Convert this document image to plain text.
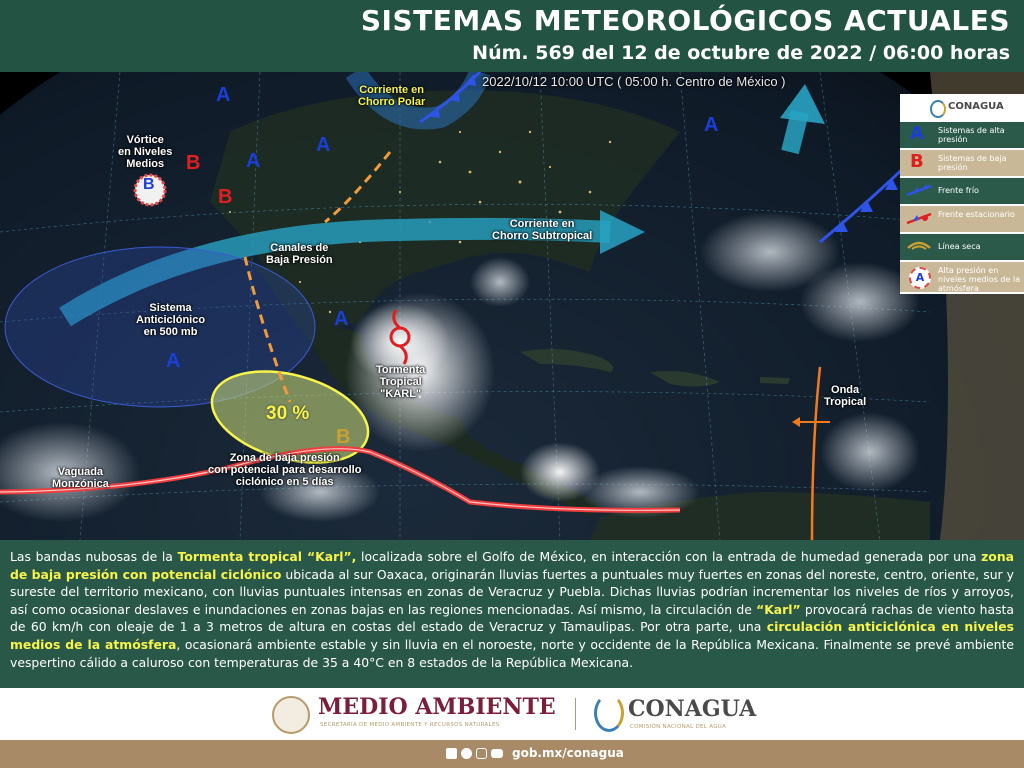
SISTEMAS METEOROLÓGICOS ACTUALES
Núm. 569 del 12 de octubre de 2022 / 06:00 horas
2022/10/12 10:00 UTC ( 05:00 h. Centro de México )
A
A
A
A
A
A
B
B
B
B
Corriente en
Chorro Polar
Vórtice
en Niveles
Medios
Corriente en
Chorro Subtropical
Canales de
Baja Presión
Sistema
Anticiclónico
en 500 mb
Tormenta
Tropical
"KARL"
Vaguada
Monzónica
Zona de baja presión
con potencial para desarrollo
ciclónico en 5 días
30 %
Onda
Tropical
CONAGUA
A Sistemas de alta presión
B Sistemas de baja presión
Frente frío
Frente estacionario
Línea seca
A
Alta presión en niveles medios de la atmósfera

Las bandas nubosas de la Tormenta tropical “Karl”, localizada sobre el Golfo de México, en interacción con la entrada de humedad generada por una zona de baja presión con potencial ciclónico ubicada al sur Oaxaca, originarán lluvias fuertes a puntuales muy fuertes en zonas del noreste, centro, oriente, sur y sureste del territorio mexicano, con lluvias puntuales intensas en zonas de Veracruz y Puebla. Dichas lluvias podrían incrementar los niveles de ríos y arroyos, así como ocasionar deslaves e inundaciones en zonas bajas en las regiones mencionadas. Así mismo, la circulación de “Karl” provocará rachas de viento hasta de 60 km/h con oleaje de 1 a 3 metros de altura en costas del estado de Veracruz y Tamaulipas. Por otra parte, una circulación anticiclónica en niveles medios de la atmósfera, ocasionará ambiente estable y sin lluvia en el noroeste, norte y occidente de la República Mexicana. Finalmente se prevé ambiente vespertino cálido a caluroso con temperaturas de 35 a 40°C en 8 estados de la República Mexicana.

MEDIO AMBIENTE
SECRETARÍA DE MEDIO AMBIENTE Y RECURSOS NATURALES
CONAGUA
COMISIÓN NACIONAL DEL AGUA
gob.mx/conagua
